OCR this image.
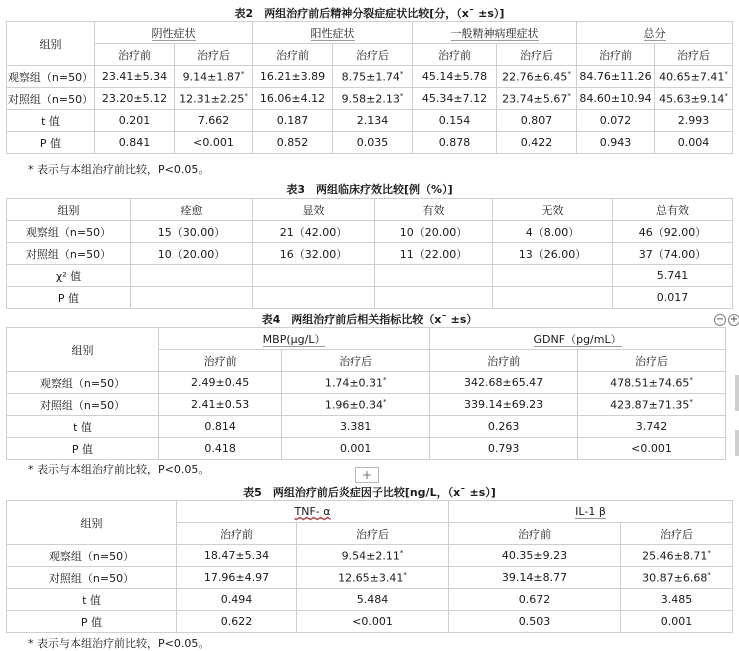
表2　两组治疗前后精神分裂症症状比较[分，（x¯ ±s）]
组别	阴性症状		阳性症状		一般精神病理症状		总分	
	治疗前	治疗后	治疗前	治疗后	治疗前	治疗后	治疗前	治疗后
观察组（n=50）	23.41±5.34	9.14±1.87*	16.21±3.89	8.75±1.74*	45.14±5.78	22.76±6.45*	84.76±11.26	40.65±7.41*
对照组（n=50）	23.20±5.12	12.31±2.25*	16.06±4.12	9.58±2.13*	45.34±7.12	23.74±5.67*	84.60±10.94	45.63±9.14*
t 值	0.201	7.662	0.187	2.134	0.154	0.807	0.072	2.993
P 值	0.841	<0.001	0.852	0.035	0.878	0.422	0.943	0.004
* 表示与本组治疗前比较，P<0.05。
表3　两组临床疗效比较[例（%）]
组别	痊愈	显效	有效	无效	总有效
观察组（n=50）	15（30.00）	21（42.00）	10（20.00）	4（8.00）	46（92.00）
对照组（n=50）	10（20.00）	16（32.00）	11（22.00）	13（26.00）	37（74.00）
χ² 值					5.741
P 值					0.017
− +
表4　两组治疗前后相关指标比较（x¯ ±s）
组别	MBP(μg/L）		GDNF（pg/mL）	
	治疗前	治疗后	治疗前	治疗后
观察组（n=50）	2.49±0.45	1.74±0.31*	342.68±65.47	478.51±74.65*
对照组（n=50）	2.41±0.53	1.96±0.34*	339.14±69.23	423.87±71.35*
t 值	0.814	3.381	0.263	3.742
P 值	0.418	0.001	0.793	<0.001
* 表示与本组治疗前比较，P<0.05。	+
表5　两组治疗前后炎症因子比较[ng/L，（x¯ ±s）]
组别	TNF- α		IL-1 β	
	治疗前	治疗后	治疗前	治疗后
观察组（n=50）	18.47±5.34	9.54±2.11*	40.35±9.23	25.46±8.71*
对照组（n=50）	17.96±4.97	12.65±3.41*	39.14±8.77	30.87±6.68*
t 值	0.494	5.484	0.672	3.485
P 值	0.622	<0.001	0.503	0.001
* 表示与本组治疗前比较，P<0.05。
